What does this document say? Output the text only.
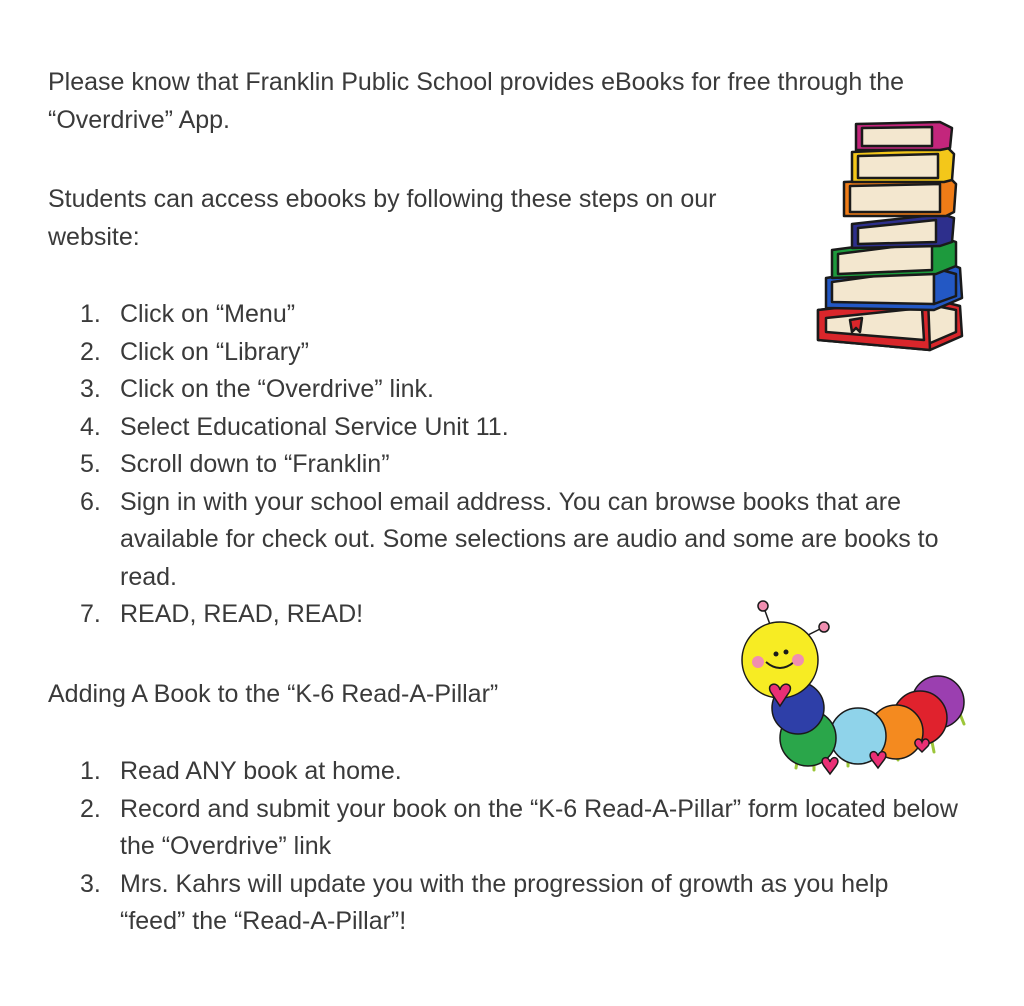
Please know that Franklin Public School provides eBooks for free through the
“Overdrive” App.

Students can access ebooks by following these steps on our
website:

1. Click on “Menu”
2. Click on “Library”
3. Click on the “Overdrive” link.
4. Select Educational Service Unit 11.
5. Scroll down to “Franklin”
6. Sign in with your school email address. You can browse books that are available for check out. Some selections are audio and some are books to read.
7. READ, READ, READ!

Adding A Book to the “K-6 Read-A-Pillar”

1. Read ANY book at home.
2. Record and submit your book on the “K-6 Read-A-Pillar” form located below the “Overdrive” link
3. Mrs. Kahrs will update you with the progression of growth as you help “feed” the “Read-A-Pillar”!
